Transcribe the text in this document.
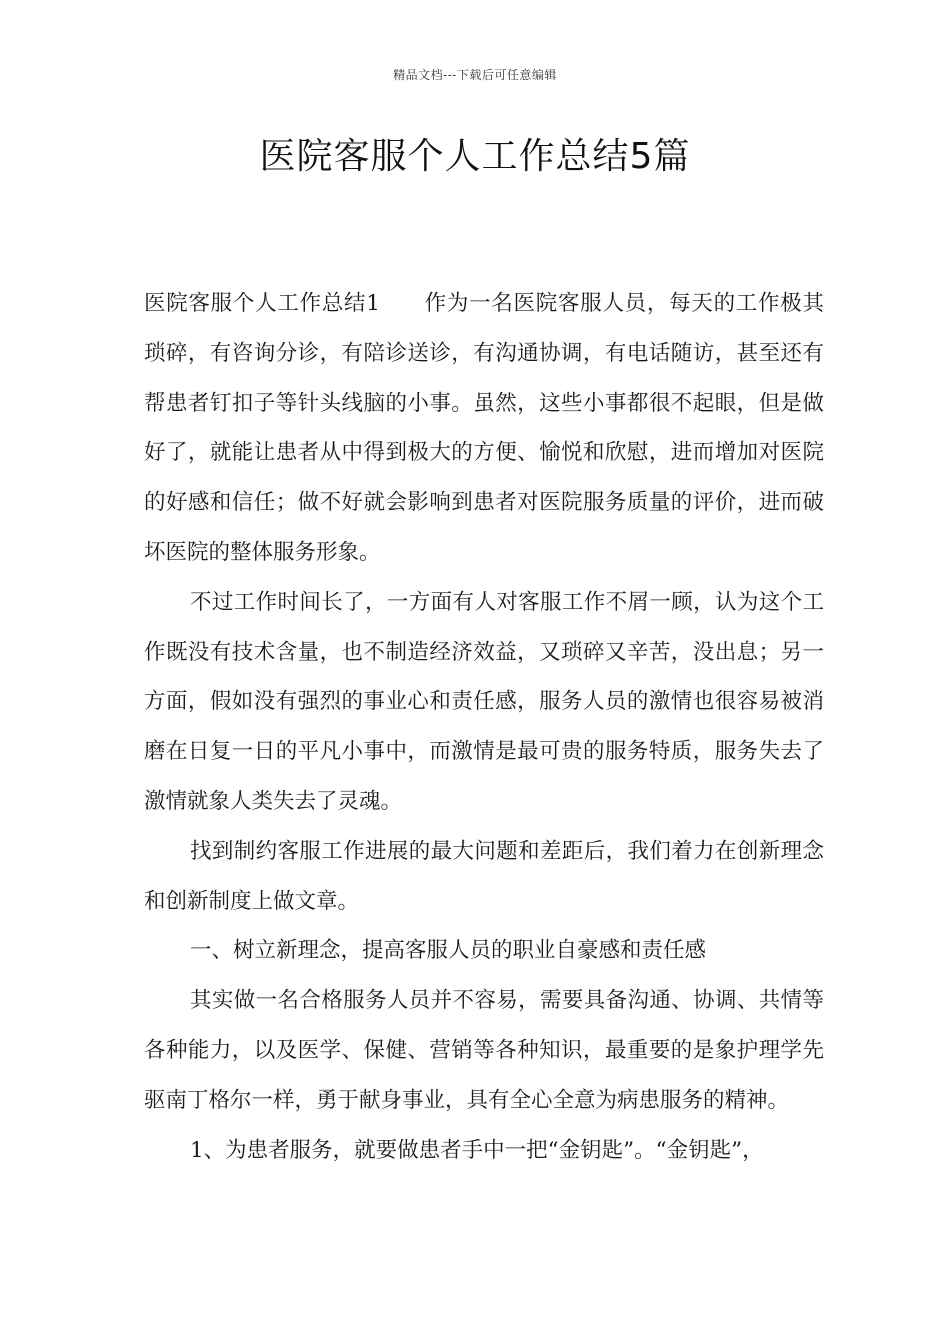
精品文档---下载后可任意编辑
医院客服个人工作总结5篇

医院客服个人工作总结1 作为一名医院客服人员，每天的工作极其琐碎，有咨询分诊，有陪诊送诊，有沟通协调，有电话随访，甚至还有帮患者钉扣子等针头线脑的小事。虽然，这些小事都很不起眼，但是做好了，就能让患者从中得到极大的方便、愉悦和欣慰，进而增加对医院的好感和信任；做不好就会影响到患者对医院服务质量的评价，进而破坏医院的整体服务形象。

不过工作时间长了，一方面有人对客服工作不屑一顾，认为这个工作既没有技术含量，也不制造经济效益，又琐碎又辛苦，没出息；另一方面，假如没有强烈的事业心和责任感，服务人员的激情也很容易被消磨在日复一日的平凡小事中，而激情是最可贵的服务特质，服务失去了激情就象人类失去了灵魂。

找到制约客服工作进展的最大问题和差距后，我们着力在创新理念和创新制度上做文章。

一、树立新理念，提高客服人员的职业自豪感和责任感

其实做一名合格服务人员并不容易，需要具备沟通、协调、共情等各种能力，以及医学、保健、营销等各种知识，最重要的是象护理学先驱南丁格尔一样，勇于献身事业，具有全心全意为病患服务的精神。

1、为患者服务，就要做患者手中一把“金钥匙”。“金钥匙”，
